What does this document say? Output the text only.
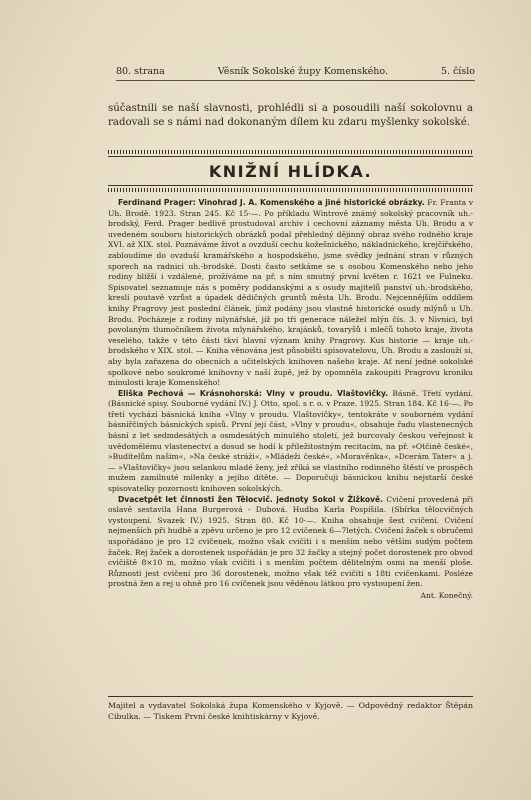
80. strana	Věsník Sokolské župy Komenského.	5. číslo

súčastnili se naší slavnosti, prohlédli si a posoudili naší sokolovnu a radovali se s námi nad dokonaným dílem ku zdaru myšlenky sokolské.

KNIŽNÍ HLÍDKA.

Ferdinand Prager: Vinohrad J. A. Komenského a jiné historické obrázky. Fr. Franta v Uh. Brodě. 1923. Stran 245. Kč 15·—. Po příkladu Wintrově známý sokolský pracovník uh.-brodský, Ferd. Prager bedlivě prostudoval archiv i cechovní záznamy města Uh. Brodu a v uvedeném souboru historických obrázků podal přehledný dějinný obraz svého rodného kraje XVI. až XIX. stol. Poznáváme život a ovzduší cechu kožešnického, nákladnického, krejčířského, zabloudíme do ovzduší kramářského a hospodského, jsme svědky jednání stran v různých sporech na radnici uh.-brodské. Dosti často setkáme se s osobou Komenského nebo jeho rodiny bližší i vzdálené, prožíváme na př. s ním smutný první květen r. 1621 ve Fulneku. Spisovatel seznamuje nás s poměry poddanskými a s osudy majitelů panství uh.-brodského, kreslí poutavě vzrůst a úpadek dědičných gruntů města Uh. Brodu. Nejcennějším oddílem knihy Pragrovy jest poslední článek, jímž podány jsou vlastně historické osudy mlýnů u Uh. Brodu. Pocházeje z rodiny mlynářské, jíž po tři generace náležel mlýn čís. 3. v Nivnici, byl povolaným tlumočníkem života mlynářského, krajánků, tovaryšů i mlečů tohoto kraje, života veselého, takže v této části tkví hlavní význam knihy Pragrovy. Kus historie — kraje uh.-brodského v XIX. stol. — Kniha věnována jest působišti spisovatelovu, Uh. Brodu a zaslouží si, aby byla zařazena do obecních a učitelských knihoven našeho kraje. Ať není jedné sokolské spolkové nebo soukromé knihovny v naší župě, jež by opomněla zakoupiti Pragrovu kroniku minulosti kraje Komenského!

Eliška Pechová — Krásnohorská: Vlny v proudu. Vlaštovičky. Básně. Třetí vydání. (Básnické spisy. Souborné vydání IV.) J. Otto, spol. s r. o. v Praze. 1925. Stran 184. Kč 16·—. Po třetí vychází básnická kniha »Vlny v proudu. Vlaštovičky«, tentokráte v souborném vydání básnířčiných básnických spisů. První její část, »Vlny v proudu«, obsahuje řadu vlastenecných básní z let sedmdesátých a osmdesátých minulého století, jež burcovaly českou veřejnost k uvědomělému vlastenectví a dosud se hodí k příležitostným recitacím, na př. »Otčině české«, »Budítelům našim«, »Na české stráži«, »Mládeži české«, »Moravěnka«, »Dcerám Tater« a j. — »Vlaštovičky« jsou selankou mladé ženy, jež zříká se vlastního rodinného štěstí ve prospěch mužem zamilnuté milenky a jejího dítěte. — Doporučuji básnickou knihu nejstarší české spisovatelky pozornosti knihoven sokolských.

Dvacetpět let činnosti žen Tělocvič. jednoty Sokol v Žižkově. Cvičení provedená při oslavě sestavila Hana Burgerová - Dubová. Hudba Karla Pospíšila. (Sbírka tělocvičných vystoupení. Svazek IV.) 1925. Stran 80. Kč 10·—. Kniha obsahuje šest cvičení. Cvičení nejmenších při hudbě a zpěvu určeno je pro 12 cvičenek 6—7letých. Cvičení žaček s obručemi uspořádáno je pro 12 cvičenek, možno však cvičiti i s menším nebo větším sudým počtem žaček. Rej žaček a dorostenek uspořádán je pro 32 žačky a stejný počet dorostenek pro obvod cvičiště 8×10 m, možno však cvičiti i s menším počtem dělitelným osmi na menší ploše. Různosti jest cvičení pro 36 dorostenek, možno však též cvičiti s 18ti cvičenkami. Posléze prostná žen a rej u ohně pro 16 cvičenek jsou věděnou látkou pro vystoupení žen.

Ant. Konečný.
Majitel a vydavatel Sokolská župa Komenského v Kyjově. — Odpovědný redaktor Štěpán Cibulka. — Tiskem První české knihtiskárny v Kyjově.
